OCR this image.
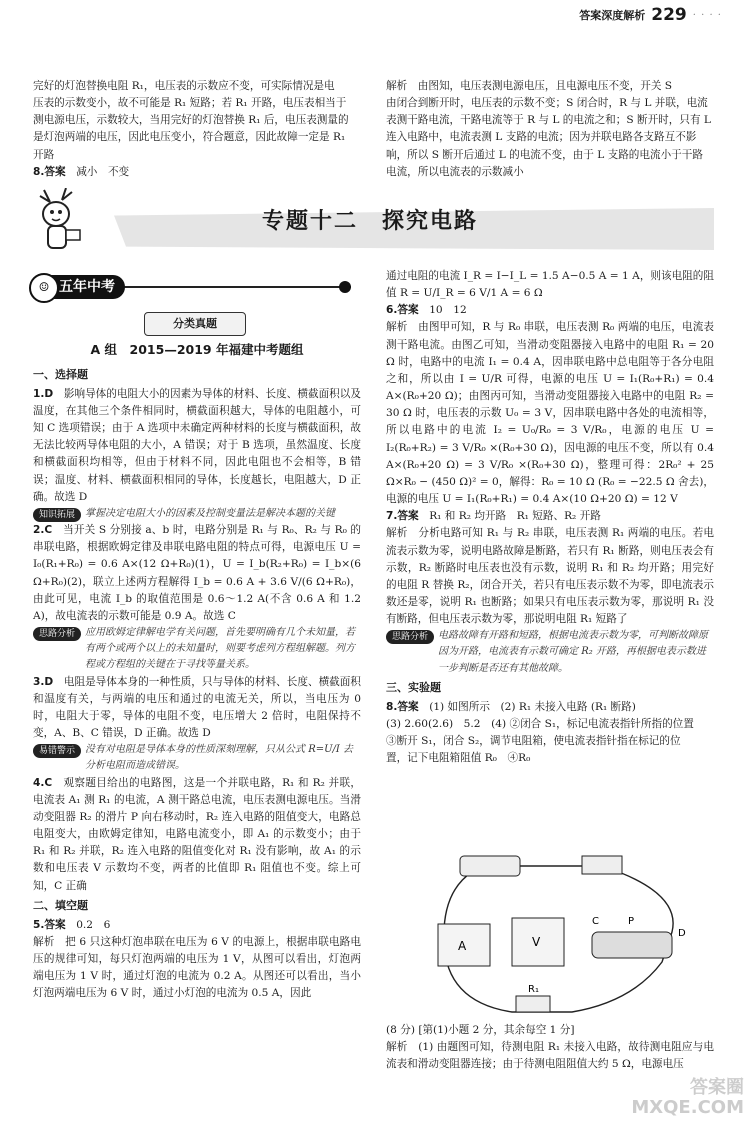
答案深度解析 229 · · · ·

完好的灯泡替换电阻 R₁，电压表的示数应不变，可实际情况是电

压表的示数变小，故不可能是 R₁ 短路；若 R₁ 开路，电压表相当于

测电源电压，示数较大，当用完好的灯泡替换 R₁ 后，电压表测量的

是灯泡两端的电压，因此电压变小，符合题意，因此故障一定是 R₁

开路

8.答案　 减小　不变

解析　由图知，电压表测电源电压，且电源电压不变，开关 S

由闭合到断开时，电压表的示数不变；S 闭合时，R 与 L 并联，电流

表测干路电流，干路电流等于 R 与 L 的电流之和；S 断开时，只有 L

连入电路中，电流表测 L 支路的电流；因为并联电路各支路互不影

响，所以 S 断开后通过 L 的电流不变，由于 L 支路的电流小于干路

电流，所以电流表的示数减小

专题十二　探究电路
五年中考
☺
分类真题
A 组　2015—2019 年福建中考题组
一、选择题

1.D　 影响导体的电阻大小的因素为导体的材料、长度、横截面积以及温度，在其他三个条件相同时，横截面积越大，导体的电阻越小，可知 C 选项错误；由于 A 选项中未确定两种材料的长度与横截面积，故无法比较两导体电阻的大小，A 错误；对于 B 选项，虽然温度、长度和横截面积均相等，但由于材料不同，因此电阻也不会相等，B 错误；温度、材料、横截面积相同的导体，长度越长，电阻越大，D 正确。故选 D

知识拓展	掌握决定电阻大小的因素及控制变量法是解决本题的关键

2.C　 当开关 S 分别接 a、b 时，电路分别是 R₁ 与 R₀、R₂ 与 R₀ 的串联电路，根据欧姆定律及串联电路电阻的特点可得，电源电压 U = I₀(R₁+R₀) = 0.6 A×(12 Ω+R₀)(1)，U = I_b(R₂+R₀) = I_b×(6 Ω+R₀)(2)，联立上述两方程解得 I_b = 0.6 A + 3.6 V/(6 Ω+R₀)，由此可见，电流 I_b 的取值范围是 0.6～1.2 A(不含 0.6 A 和 1.2 A)，故电流表的示数可能是 0.9 A。故选 C

思路分析	应用欧姆定律解电学有关问题，首先要明确有几个未知量，若有两个或两个以上的未知量时，则要考虑列方程组解题。列方程或方程组的关键在于寻找等量关系。

3.D　 电阻是导体本身的一种性质，只与导体的材料、长度、横截面积和温度有关，与两端的电压和通过的电流无关，所以，当电压为 0 时，电阻大于零，导体的电阻不变，电压增大 2 倍时，电阻保持不变，A、B、C 错误，D 正确。故选 D

易错警示	没有对电阻是导体本身的性质深刻理解，只从公式 R=U/I 去分析电阻而造成错误。

4.C　 观察题目给出的电路图，这是一个并联电路，R₁ 和 R₂ 并联，电流表 A₁ 测 R₁ 的电流，A 测干路总电流，电压表测电源电压。当滑动变阻器 R₂ 的滑片 P 向右移动时，R₂ 连入电路的阻值变大，电路总电阻变大，由欧姆定律知，电路电流变小，即 A₁ 的示数变小；由于 R₁ 和 R₂ 并联，R₂ 连入电路的阻值变化对 R₁ 没有影响，故 A₁ 的示数和电压表 V 示数均不变，两者的比值即 R₁ 阻值也不变。综上可知，C 正确

二、填空题

5.答案　 0.2　6

解析　把 6 只这种灯泡串联在电压为 6 V 的电源上，根据串联电路电压的规律可知，每只灯泡两端的电压为 1 V，从图可以看出，灯泡两端电压为 1 V 时，通过灯泡的电流为 0.2 A。从图还可以看出，当小灯泡两端电压为 6 V 时，通过小灯泡的电流为 0.5 A，因此

通过电阻的电流 I_R = I−I_L = 1.5 A−0.5 A = 1 A，则该电阻的阻值 R = U/I_R = 6 V/1 A = 6 Ω

6.答案　 10　12

解析　由图甲可知，R 与 R₀ 串联，电压表测 R₀ 两端的电压，电流表测干路电流。由图乙可知，当滑动变阻器接入电路中的电阻 R₁ = 20 Ω 时，电路中的电流 I₁ = 0.4 A，因串联电路中总电阻等于各分电阻之和，所以由 I = U/R 可得，电源的电压 U = I₁(R₀+R₁) = 0.4 A×(R₀+20 Ω)；由图丙可知，当滑动变阻器接入电路中的电阻 R₂ = 30 Ω 时，电压表的示数 U₀ = 3 V，因串联电路中各处的电流相等，所以电路中的电流 I₂ = U₀/R₀ = 3 V/R₀，电源的电压 U = I₂(R₀+R₂) = 3 V/R₀ ×(R₀+30 Ω)，因电源的电压不变，所以有 0.4 A×(R₀+20 Ω) = 3 V/R₀ ×(R₀+30 Ω)，整理可得：2R₀² + 25 Ω×R₀ − (450 Ω)² = 0，解得：R₀ = 10 Ω (R₀ = −22.5 Ω 舍去)，电源的电压 U = I₁(R₀+R₁) = 0.4 A×(10 Ω+20 Ω) = 12 V

7.答案　 R₁ 和 R₂ 均开路　R₁ 短路、R₂ 开路

解析　分析电路可知 R₁ 与 R₂ 串联，电压表测 R₁ 两端的电压。若电流表示数为零，说明电路故障是断路，若只有 R₁ 断路，则电压表会有示数，R₂ 断路时电压表也没有示数，说明 R₁ 和 R₂ 均开路；用完好的电阻 R 替换 R₂，闭合开关，若只有电压表示数不为零，即电流表示数还是零，说明 R₁ 也断路；如果只有电压表示数为零，那说明 R₁ 没有断路，但电压表示数为零，那说明电阻 R₁ 短路了

思路分析	电路故障有开路和短路，根据电流表示数为零，可判断故障原因为开路，电流表有示数可确定 R₂ 开路，再根据电表示数进一步判断是否还有其他故障。
三、实验题

8.答案　 (1) 如图所示　(2) R₁ 未接入电路 (R₁ 断路)

(3) 2.60(2.6)　5.2　(4) ②闭合 S₁，标记电流表指针所指的位置

③断开 S₁，闭合 S₂，调节电阻箱，使电流表指针指在标记的位

置，记下电阻箱阻值 R₀　④R₀

A	V
C	P
D
R₁

(8 分) [第(1)小题 2 分，其余每空 1 分]

解析　(1) 由题图可知，待测电阻 R₁ 未接入电路，故待测电阻应与电流表和滑动变阻器连接；由于待测电阻阻值大约 5 Ω，电源电压

答案圈 MXQE.COM
